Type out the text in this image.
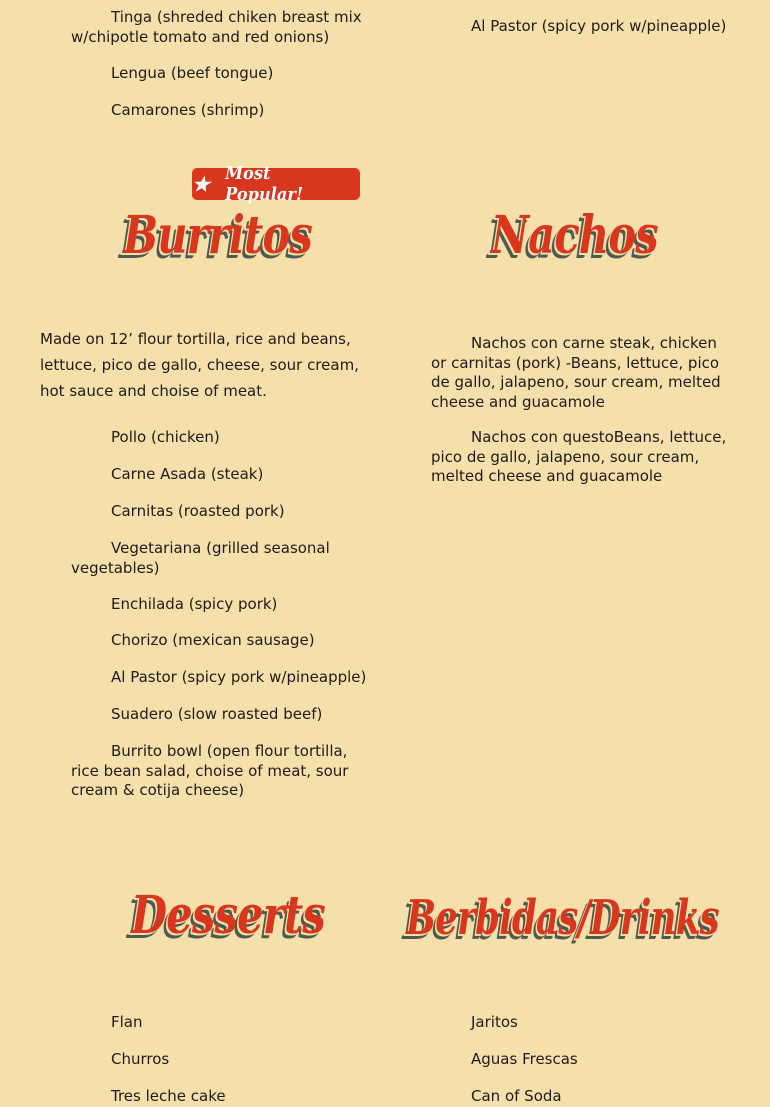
Tinga (shreded chiken breast mix w/chipotle tomato and red onions)

Lengua (beef tongue)

Camarones (shrimp)

Al Pastor (spicy pork w/pineapple)

★ Most Popular!
Burritos	Nachos

Made on 12’ flour tortilla, rice and beans, lettuce, pico de gallo, cheese, sour cream, hot sauce and choise of meat.

Pollo (chicken)

Carne Asada (steak)

Carnitas (roasted pork)

Vegetariana (grilled seasonal vegetables)

Enchilada (spicy pork)

Chorizo (mexican sausage)

Al Pastor (spicy pork w/pineapple)

Suadero (slow roasted beef)

Burrito bowl (open flour tortilla, rice bean salad, choise of meat, sour cream & cotija cheese)

Nachos con carne steak, chicken or carnitas (pork) -Beans, lettuce, pico de gallo, jalapeno, sour cream, melted cheese and guacamole

Nachos con questoBeans, lettuce, pico de gallo, jalapeno, sour cream, melted cheese and guacamole

Desserts Berbidas/Drinks

Flan

Churros

Tres leche cake

Jaritos

Aguas Frescas

Can of Soda
